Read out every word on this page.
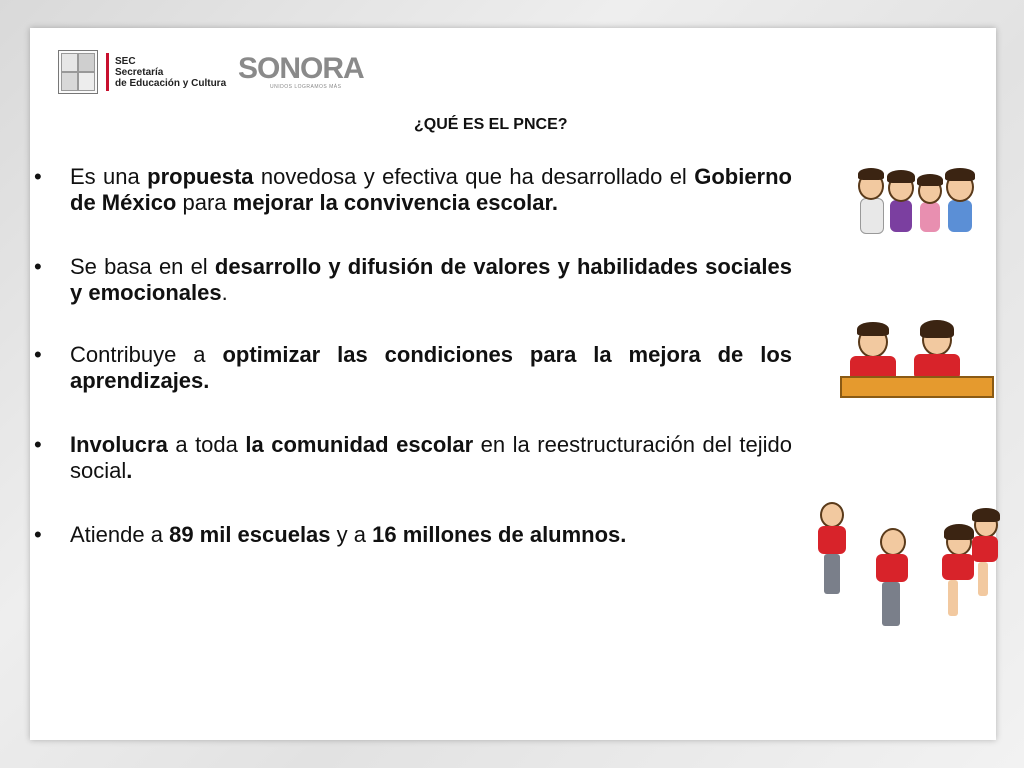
SEC
Secretaría
de Educación y Cultura SONORA
UNIDOS LOGRAMOS MÁS
¿QUÉ ES EL PNCE?
• Es una propuesta novedosa y efectiva que ha desarrollado el Gobierno de México para mejorar la convivencia escolar.
• Se basa en el desarrollo y difusión de valores y habilidades sociales y emocionales.
• Contribuye a optimizar las condiciones para la mejora de los aprendizajes.
• Involucra a toda la comunidad escolar en la reestructuración del tejido social.
• Atiende a 89 mil escuelas y a 16 millones de alumnos.
